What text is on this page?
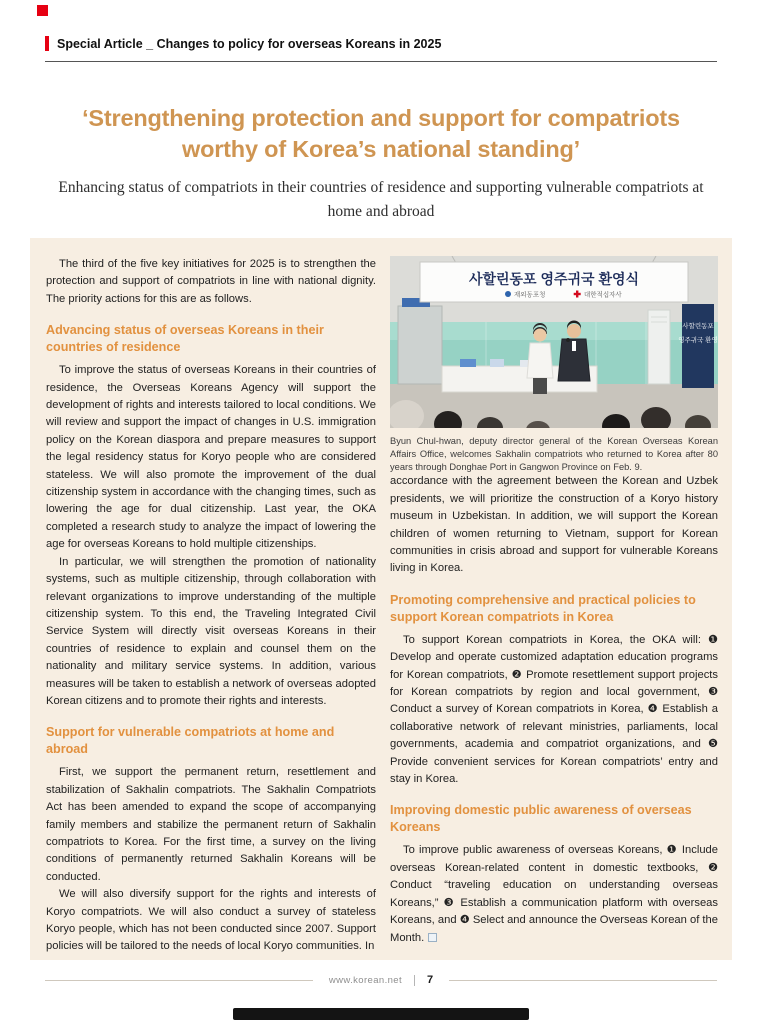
Special Article _ Changes to policy for overseas Koreans in 2025
‘Strengthening protection and support for compatriots
worthy of Korea’s national standing’
Enhancing status of compatriots in their countries of residence and supporting vulnerable compatriots at home and abroad

The third of the five key initiatives for 2025 is to strengthen the protection and support of compatriots in line with national dignity. The priority actions for this are as follows.

Advancing status of overseas Koreans in their countries of residence

To improve the status of overseas Koreans in their countries of residence, the Overseas Koreans Agency will support the development of rights and interests tailored to local conditions. We will review and support the impact of changes in U.S. immigration policy on the Korean diaspora and prepare measures to support the legal residency status for Koryo people who are considered stateless. We will also promote the improvement of the dual citizenship system in accordance with the changing times, such as lowering the age for dual citizenship. Last year, the OKA completed a research study to analyze the impact of lowering the age for overseas Koreans to hold multiple citizenships.

In particular, we will strengthen the promotion of nationality systems, such as multiple citizenship, through collaboration with relevant organizations to improve understanding of the multiple citizenship system. To this end, the Traveling Integrated Civil Service System will directly visit overseas Koreans in their countries of residence to explain and counsel them on the nationality and military service systems. In addition, various measures will be taken to establish a network of overseas adopted Korean citizens and to promote their rights and interests.

Support for vulnerable compatriots at home and abroad

First, we support the permanent return, resettlement and stabilization of Sakhalin compatriots. The Sakhalin Compatriots Act has been amended to expand the scope of accompanying family members and stabilize the permanent return of Sakhalin compatriots to Korea. For the first time, a survey on the living conditions of permanently returned Sakhalin Koreans will be conducted.

We will also diversify support for the rights and interests of Koryo compatriots. We will also conduct a survey of stateless Koryo people, which has not been conducted since 2007. Support policies will be tailored to the needs of local Koryo communities. In

사할린동포
영주귀국 환영
사할린동포 영주귀국 환영식
재외동포청	대한적십자사

Byun Chul-hwan, deputy director general of the Korean Overseas Korean Affairs Office, welcomes Sakhalin compatriots who returned to Korea after 80 years through Donghae Port in Gangwon Province on Feb. 9.

accordance with the agreement between the Korean and Uzbek presidents, we will prioritize the construction of a Koryo history museum in Uzbekistan. In addition, we will support the Korean children of women returning to Vietnam, support for Korean communities in crisis abroad and support for vulnerable Koreans living in Korea.

Promoting comprehensive and practical policies to support Korean compatriots in Korea

To support Korean compatriots in Korea, the OKA will: ❶ Develop and operate customized adaptation education programs for Korean compatriots, ❷ Promote resettlement support projects for Korean compatriots by region and local government, ❸ Conduct a survey of Korean compatriots in Korea, ❹ Establish a collaborative network of relevant ministries, parliaments, local governments, academia and compatriot organizations, and ❺ Provide convenient services for Korean compatriots’ entry and stay in Korea.

Improving domestic public awareness of overseas Koreans

To improve public awareness of overseas Koreans, ❶ Include overseas Korean-related content in domestic textbooks, ❷ Conduct “traveling education on understanding overseas Koreans,” ❸ Establish a communication platform with overseas Koreans, and ❹ Select and announce the Overseas Korean of the Month.

www.korean.net 7
